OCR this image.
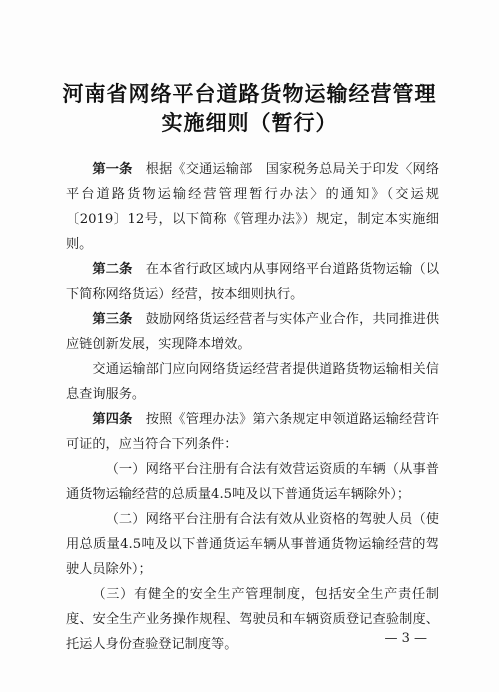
河南省网络平台道路货物运输经营管理
实施细则（暂行）

第一条　根据《交通运输部　国家税务总局关于印发〈网络平台道路货物运输经营管理暂行办法〉的通知》（交运规〔2019〕12号，以下简称《管理办法》）规定，制定本实施细则。

第二条　在本省行政区域内从事网络平台道路货物运输（以下简称网络货运）经营，按本细则执行。

第三条　鼓励网络货运经营者与实体产业合作，共同推进供应链创新发展，实现降本增效。

交通运输部门应向网络货运经营者提供道路货物运输相关信息查询服务。

第四条　按照《管理办法》第六条规定申领道路运输经营许可证的，应当符合下列条件：

（一）网络平台注册有合法有效营运资质的车辆（从事普通货物运输经营的总质量4.5吨及以下普通货运车辆除外）；

（二）网络平台注册有合法有效从业资格的驾驶人员（使用总质量4.5吨及以下普通货运车辆从事普通货物运输经营的驾驶人员除外）；

（三）有健全的安全生产管理制度，包括安全生产责任制度、安全生产业务操作规程、驾驶员和车辆资质登记查验制度、托运人身份查验登记制度等。	— 3 —
